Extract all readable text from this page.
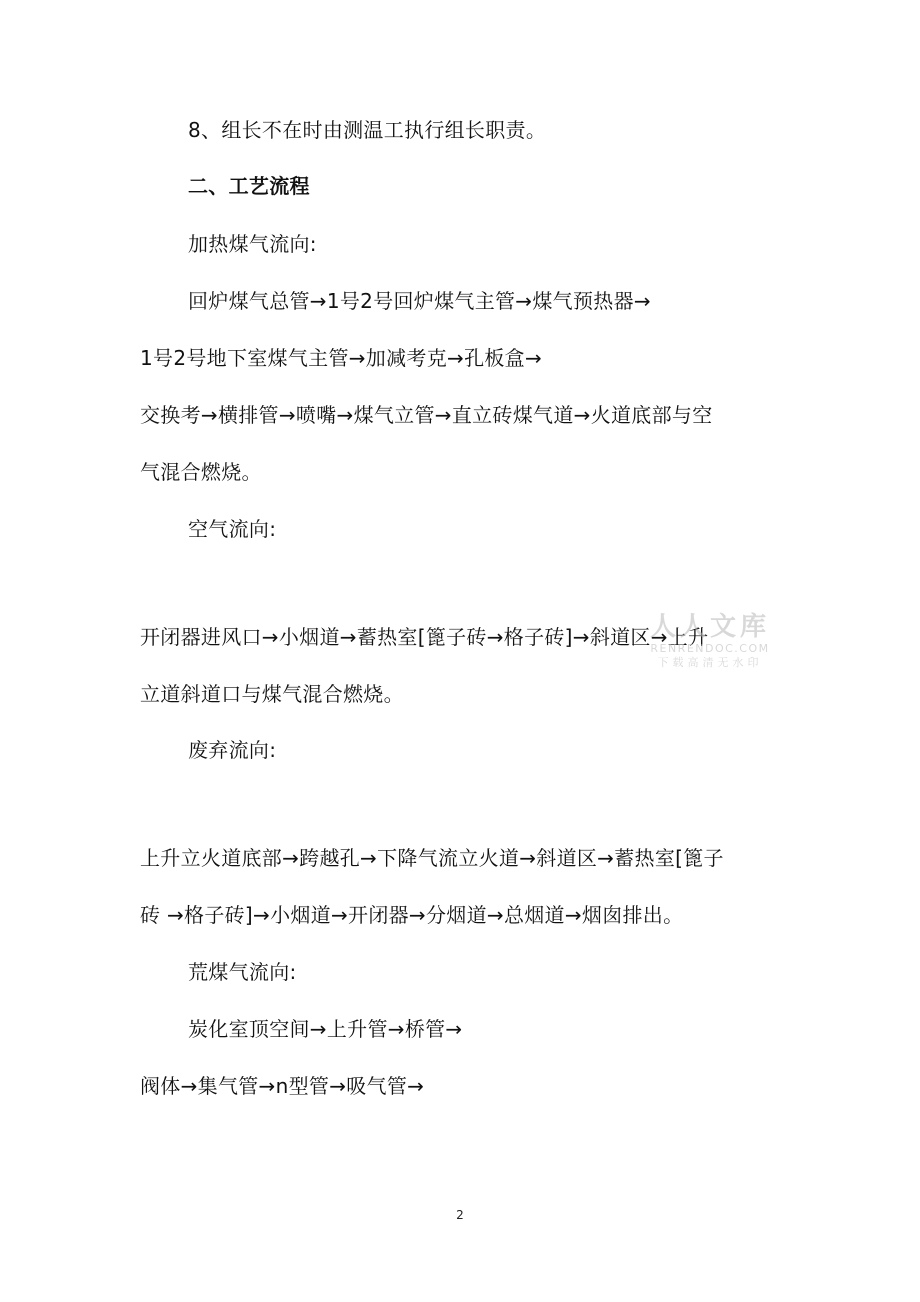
8、组长不在时由测温工执行组长职责。

二、工艺流程

加热煤气流向:

回炉煤气总管→1号2号回炉煤气主管→煤气预热器→

1号2号地下室煤气主管→加减考克→孔板盒→

交换考→横排管→喷嘴→煤气立管→直立砖煤气道→火道底部与空

气混合燃烧。

空气流向:

开闭器进风口→小烟道→蓄热室[篦子砖→格子砖]→斜道区→上升

立道斜道口与煤气混合燃烧。

废弃流向:

上升立火道底部→跨越孔→下降气流立火道→斜道区→蓄热室[篦子

砖 →格子砖]→小烟道→开闭器→分烟道→总烟道→烟囱排出。

荒煤气流向:

炭化室顶空间→上升管→桥管→

阀体→集气管→n型管→吸气管→

人人文库
RENRENDOC.COM
下载高清无水印
2
